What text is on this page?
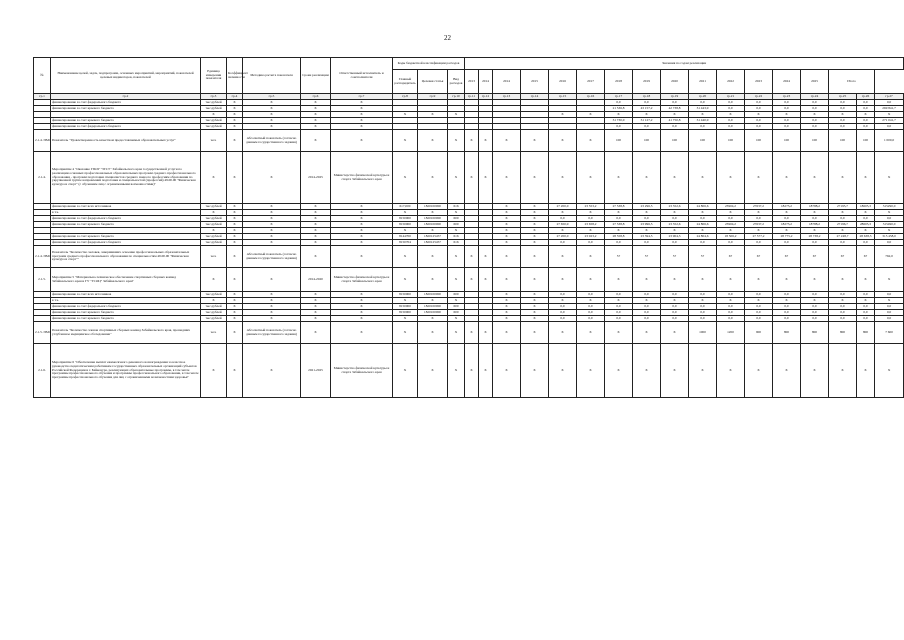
22
№	Наименование целей, задач, подпрограмм, основных мероприятий, мероприятий, показателей целевых индикаторов, показателей	Единица измерения показателя	Коэффициент значимости	Методика расчета показателя	Сроки реализации	Ответственный исполнитель и соисполнители	Коды бюджетной классификации расходов			Значения по годам реализации																
							Главный распорядитель	Целевая статья	Вид расходов	2013	2014	2014	2015	2016	2017	2018	2019	2020	2021	2022	2023	2024	2025	Итого		
гр.1	гр.2	гр.3	гр.4	гр.5	гр.6	гр.7	гр.8	гр.9	гр.10	гр.11	гр.12	гр.13	гр.14	гр.15	гр.16	гр.17	гр.18	гр.19	гр.20	гр.21	гр.22	гр.23	гр.24	гр.25	гр.26	гр.27
	финансирование за счет федерального бюджета	тыс.рублей	Х	Х	Х	Х										0,0	0,0	0,0	0,0	0,0	0,0	0,0	0,0	0,0	0,0	0,0
	финансирование за счет краевого бюджета	тыс.рублей	Х	Х	Х	Х										21 536,8	43 157,2	42 738,8	31 443,9	0,0	0,0	0,0	0,0	0,0	0,0	269 841,7
		Х	Х	Х	Х	Х	Х	Х	Х					Х	Х	Х	Х	Х	Х	Х	Х	Х	Х	Х	Х	Х
	финансирование за счет краевого бюджета	тыс.рублей	Х	Х	Х	Х										31 730,0	31 127,2	41 750,8	31 440,9	0,0	0,0	0,0	0,0	0,0	0,0	271 041,7
	финансирование за счет федерального бюджета	тыс.рублей	Х	Х	Х	Х										0,0	0,0	0,0	0,0	0,0	0,0	0,0	0,0	0,0	0,0	0,0
2.1.4. ПМ1	Показатель "Удовлетворенность качеством предоставляемых образовательных услуг"	чел.	Х	Абсолютный показатель (согласно данным государственного задания)	Х	Х	Х	Х	Х	Х	Х	Х	Х	Х	Х	100	100	100	100	100	100	100	100	100	100	1 000,0
2.1.4.	Мероприятие 4 "Оказание ГПОУ "ЗТСТ" Забайкальского края государственной услуги по реализации основных профессиональных образовательных программ среднего профессионального образования - программ подготовки специалистов среднего звена по профессиям образования по укрупненной группе направлений подготовки и специальностей (профессий) 49.00.00 "Физическая культура и спорт" (с обучением лиц с ограниченными возможностями)"	Х	Х	Х	2014-2025	Министерство физической культуры и спорта Забайкальского края	Х	Х	Х	Х	Х	Х	Х	Х	Х	Х	Х	Х	Х	Х	Х	Х	Х	Х	Х	Х
	финансирование за счет всех источников	тыс.рублей	Х	Х	Х	Х	617,000	1820100000	616			Х	Х	27 200,0	23 553,2	27 538,8	23 296,5	23 352,6	24 806,6	23904,2	27637,2	18273,2	18788,2	27195,7	18605,3	315290,0
	в т.ч.	Х	Х	Х	Х	Х	Х	Х	Х			Х	Х	Х	Х	Х	Х	Х	Х	Х	Х	Х	Х	Х	Х	Х
	финансирование за счет федерального бюджета	тыс.рублей	Х	Х	Х	Х	8150000	1820100000	600			Х	Х	0,0	0,0	0,0	0,0	0,0	0,0	0,0	0,0	0,0	0,0	0,0	0,0	0,0
	финансирование за счет краевого бюджета	тыс.рублей	Х	Х	Х	Х	8150000	1820100000	600			Х	Х	27 650,9	23 658,2	27 538,8	23 996,5	23 352,6	24 806,6	23904,2	27637,2	18273,2	18788,2	27196,7	28605,3	315490,0
		Х	Х	Х	Х	Х	Х	Х	Х			Х	Х	Х	Х	Х	Х	Х	Х	Х	Х	Х	Х	Х	Х	Х
	финансирование за счет краевого бюджета	тыс.рублей	Х	Х	Х	Х	8144700	1820125457	616			Х	Х	27 200,0	23 023,2	28 558,8	23 394,5	23 904,3	24 804,6	18 506,2	27 577,2	28 775,2	28 738,2	27 248,7	28 638,3	315 458,0
	финансирование за счет федерального бюджета	тыс.рублей	Х	Х	Х	Х	8150704	1820125457	616			Х	Х	0,0	0,0	0,0	0,0	0,0	0,0	0,0	0,0	0,0	0,0	0,0	0,0	0,0
2.1.4. ПМ1	Показатель "Количество человек, завершивших освоение профессиональных образовательных программ среднего профессионального образования по специальностям 49.00.00 "Физическая культура и спорт""	чел.	Х	Абсолютный показатель (согласно данным государственного задания)	Х	Х	Х	Х	Х	Х	Х	Х	Х	Х	Х	57	57	57	57	67	67	67	67	67	67	762,0
2.1.5.	Мероприятие 5 "Материально-техническое обеспечение спортивных сборных команд Забайкальского края и ГУ "ГСОЦ" Забайкальского края"	Х	Х	Х	2014-2020	Министерство физической культуры и спорта Забайкальского края	Х	Х	Х	Х	Х	Х	Х	Х	Х	Х	Х	Х	Х	Х	Х	Х	Х	Х	Х	Х
	финансирование за счет всех источников	тыс.рублей	Х	Х	Х	Х	8150000	1820100000	600			Х	Х	0,0	0,0	0,0	0,0	0,0	0,0	0,0	0,0	0,0	0,0	0,0	0,0	0,0
	в т.ч.	Х	Х	Х	Х	Х	Х	Х	Х			Х	Х	Х	Х	Х	Х	Х	Х	Х	Х	Х	Х	Х	Х	Х
	финансирование за счет федерального бюджета	тыс.рублей	Х	Х	Х	Х	8150000	1820100000	600			Х	Х	0,0	0,0	0,0	0,0	0,0	0,0	0,0	0,0	0,0	0,0	0,0	0,0	0,0
	финансирование за счет краевого бюджета	тыс.рублей	Х	Х	Х	Х	8150000	1820100000	600			Х	Х	0,0	0,0	0,0	0,0	0,0	0,0	0,0	0,0	0,0	0,0	0,0	0,0	0,0
	финансирование за счет краевого бюджета	тыс.рублей	Х	Х	Х	Х	Х	Х	Х			Х	Х	0,0	0,0	0,0	0,0	0,0	0,0	0,0	0,0	0,0	0,0	0,0	0,0	0,0
2.1.5. ПМ1	Показатель "Количество членов спортивных сборных команд Забайкальского края, прошедших углубленное медицинское обследование"	чел.	Х	Абсолютный показатель (согласно данным государственного задания)	Х	Х	Х	Х	Х	Х	Х	Х	Х	Х	Х	Х	Х	Х	1000	1200	900	800	800	800	800	7 600
2.1.6.	Мероприятие 6 "Обеспечение выплат ежемесячного денежного вознаграждения за классное руководство педагогическим работникам государственных образовательных организаций субъектов Российской Федерации и г. Байконура, реализующих образовательные программы, в том числе программы профессионального обучения и программы профессионального образования, в том числе программы профессионального обучения для лиц с ограниченными возможностями здоровья"	Х	Х	Х	2021-2025	Министерство физической культуры и спорта Забайкальского края	Х	Х	Х	Х	Х	Х	Х	Х	Х	Х	Х	Х	Х	Х	Х	Х	Х	Х	Х	Х
